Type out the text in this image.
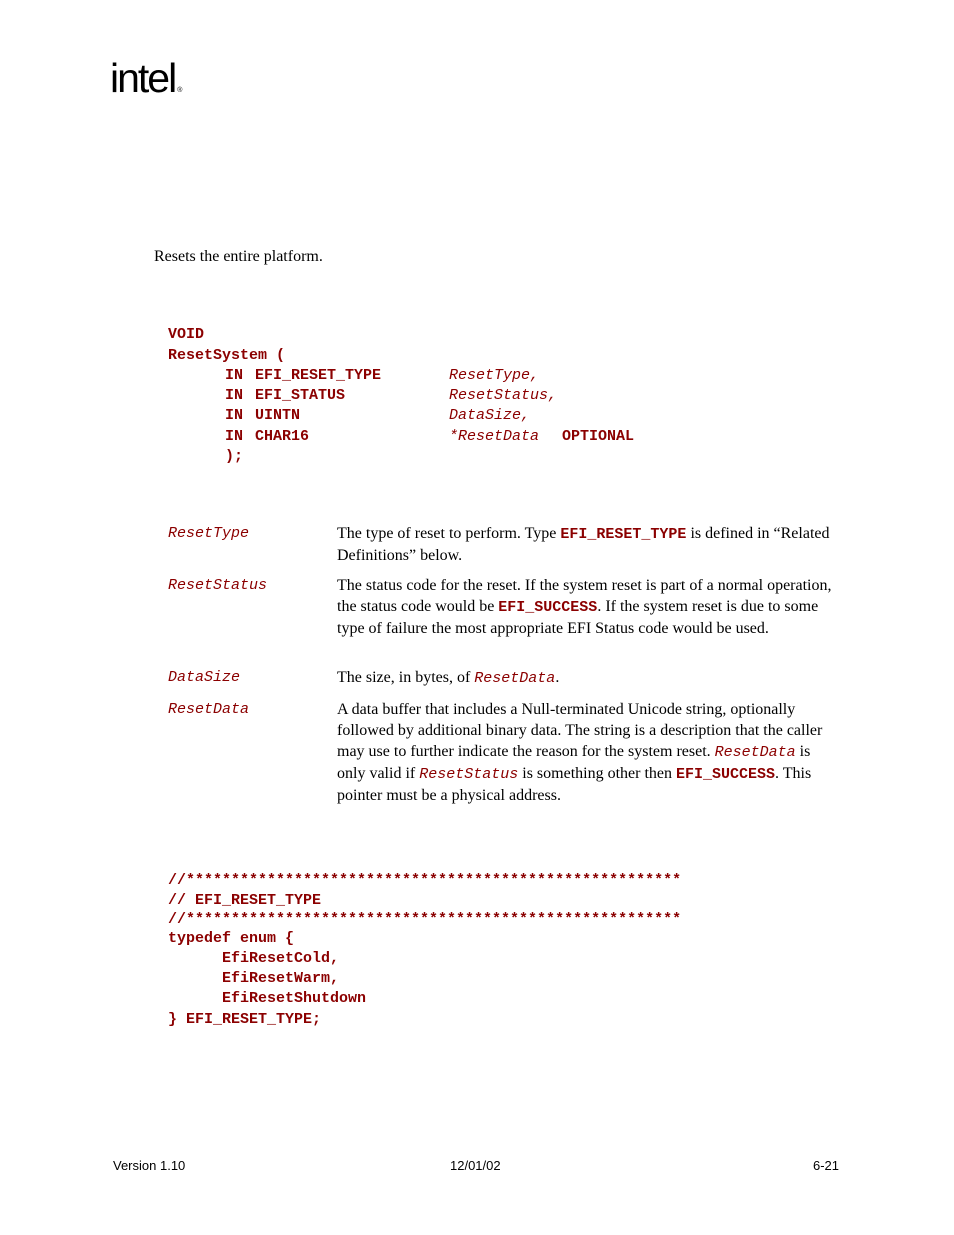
intel ®
Resets the entire platform.
VOID
ResetSystem (
IN EFI_RESET_TYPE	ResetType,
IN EFI_STATUS	ResetStatus,
IN UINTN	DataSize,
IN CHAR16	*ResetData OPTIONAL
);
ResetType	The type of reset to perform. Type EFI_RESET_TYPE is defined in “Related Definitions” below.
ResetStatus	The status code for the reset. If the system reset is part of a normal operation, the status code would be EFI_SUCCESS. If the system reset is due to some type of failure the most appropriate EFI Status code would be used.
DataSize	The size, in bytes, of ResetData.
ResetData	A data buffer that includes a Null-terminated Unicode string, optionally followed by additional binary data. The string is a description that the caller may use to further indicate the reason for the system reset. ResetData is only valid if ResetStatus is something other then EFI_SUCCESS. This pointer must be a physical address.
//*******************************************************
// EFI_RESET_TYPE
//*******************************************************
typedef enum {
EfiResetCold,
EfiResetWarm,
EfiResetShutdown
} EFI_RESET_TYPE;
Version 1.10	12/01/02	6-21
